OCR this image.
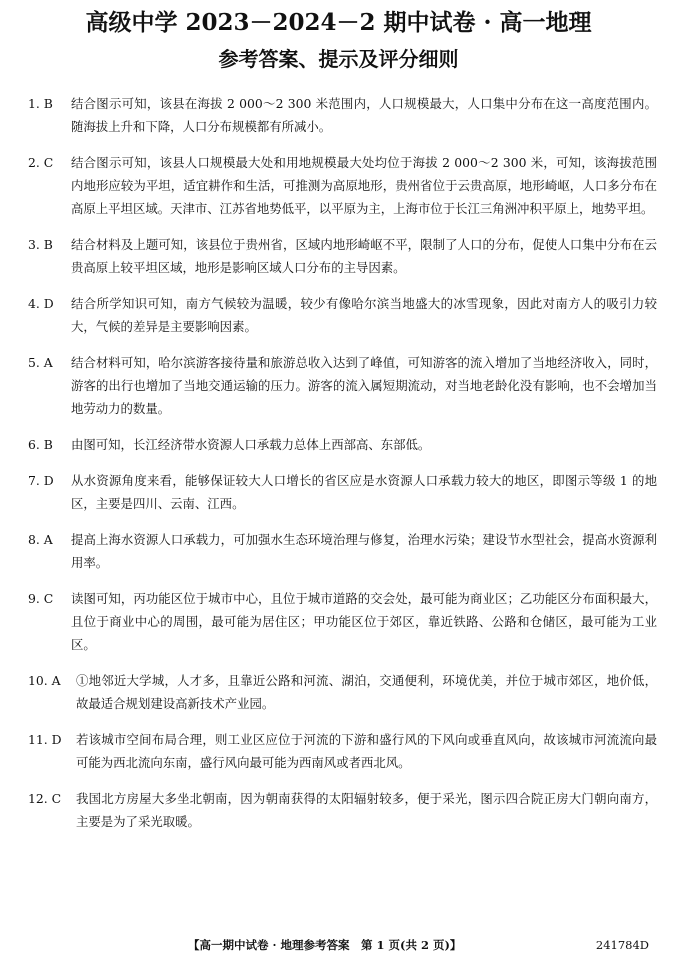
高级中学 2023－2024－2 期中试卷 · 高一地理
参考答案、提示及评分细则
1. B	结合图示可知，该县在海拔 2 000～2 300 米范围内，人口规模最大，人口集中分布在这一高度范围内。随海拔上升和下降，人口分布规模都有所减小。
2. C	结合图示可知，该县人口规模最大处和用地规模最大处均位于海拔 2 000～2 300 米，可知，该海拔范围内地形应较为平坦，适宜耕作和生活，可推测为高原地形，贵州省位于云贵高原，地形崎岖，人口多分布在高原上平坦区域。天津市、江苏省地势低平，以平原为主，上海市位于长江三角洲冲积平原上，地势平坦。
3. B	结合材料及上题可知，该县位于贵州省，区域内地形崎岖不平，限制了人口的分布，促使人口集中分布在云贵高原上较平坦区域，地形是影响区域人口分布的主导因素。
4. D	结合所学知识可知，南方气候较为温暖，较少有像哈尔滨当地盛大的冰雪现象，因此对南方人的吸引力较大，气候的差异是主要影响因素。
5. A	结合材料可知，哈尔滨游客接待量和旅游总收入达到了峰值，可知游客的流入增加了当地经济收入，同时，游客的出行也增加了当地交通运输的压力。游客的流入属短期流动，对当地老龄化没有影响，也不会增加当地劳动力的数量。
6. B	由图可知，长江经济带水资源人口承载力总体上西部高、东部低。
7. D	从水资源角度来看，能够保证较大人口增长的省区应是水资源人口承载力较大的地区，即图示等级 1 的地区，主要是四川、云南、江西。
8. A	提高上海水资源人口承载力，可加强水生态环境治理与修复，治理水污染；建设节水型社会，提高水资源利用率。
9. C	读图可知，丙功能区位于城市中心，且位于城市道路的交会处，最可能为商业区；乙功能区分布面积最大，且位于商业中心的周围，最可能为居住区；甲功能区位于郊区，靠近铁路、公路和仓储区，最可能为工业区。
10. A	①地邻近大学城，人才多，且靠近公路和河流、湖泊，交通便利，环境优美，并位于城市郊区，地价低，故最适合规划建设高新技术产业园。
11. D	若该城市空间布局合理，则工业区应位于河流的下游和盛行风的下风向或垂直风向，故该城市河流流向最可能为西北流向东南，盛行风向最可能为西南风或者西北风。
12. C	我国北方房屋大多坐北朝南，因为朝南获得的太阳辐射较多，便于采光，图示四合院正房大门朝向南方，主要是为了采光取暖。
【高一期中试卷 · 地理参考答案　第 1 页(共 2 页)】	241784D
